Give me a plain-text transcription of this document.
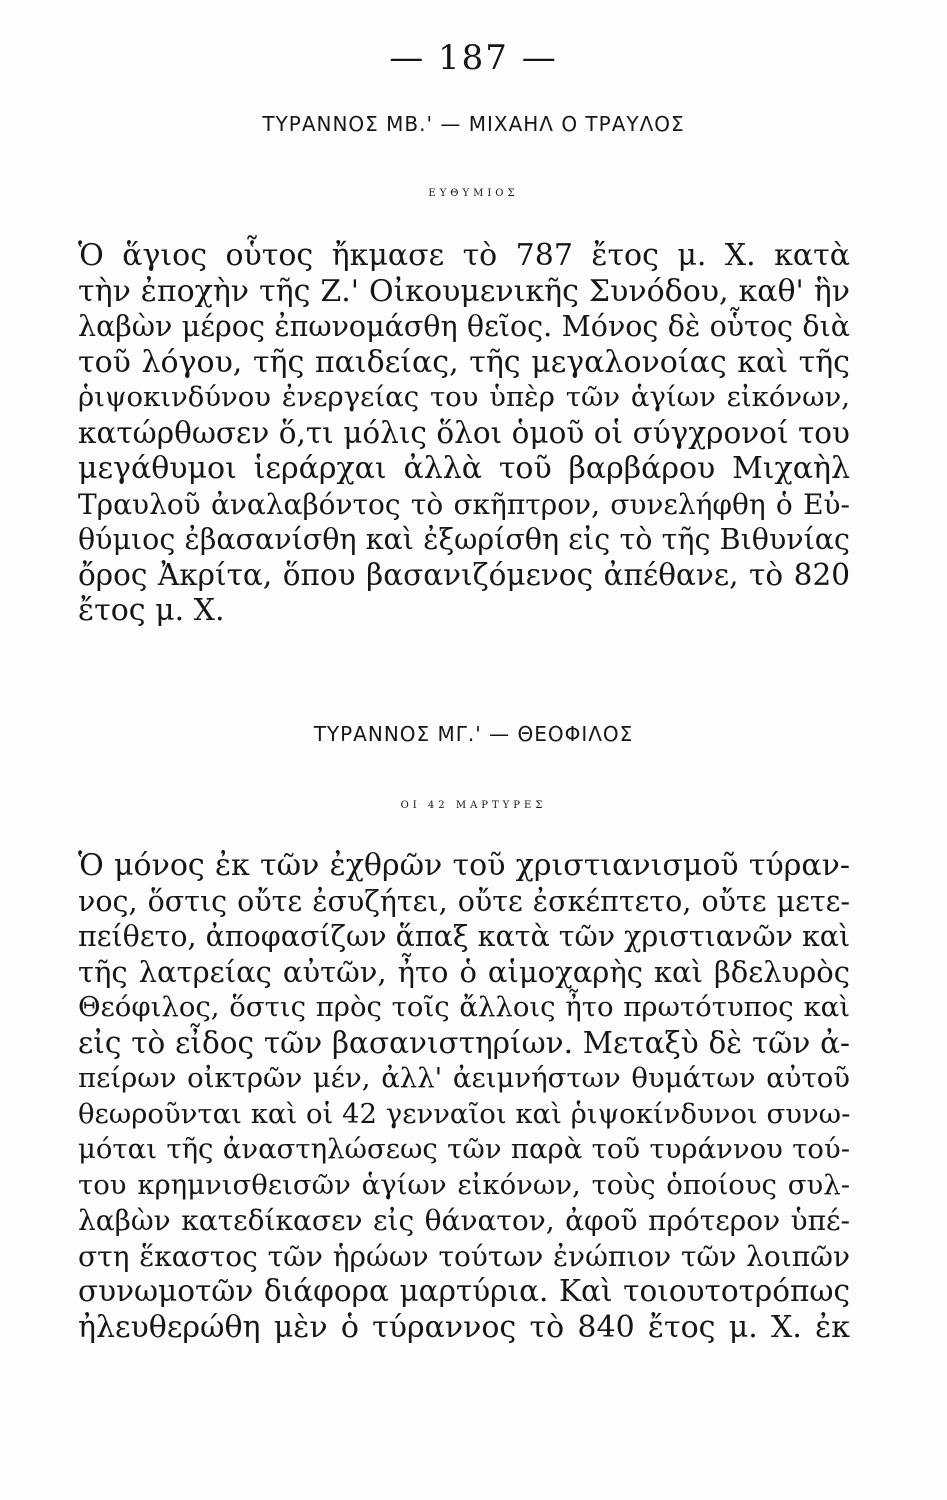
— 187 —
ΤΥΡΑΝΝΟΣ ΜΒ.' — ΜΙΧΑΗΛ Ο ΤΡΑΥΛΟΣ
ΕΥΘΥΜΙΟΣ
Ὁ ἅγιος οὗτος ἤκμασε τὸ 787 ἔτος μ. Χ. κατὰ
τὴν ἐποχὴν τῆς Ζ.' Οἰκουμενικῆς Συνόδου, καθ' ἣν
λαβὼν μέρος ἐπωνομάσθη θεῖος. Μόνος δὲ οὗτος διὰ
τοῦ λόγου, τῆς παιδείας, τῆς μεγαλονοίας καὶ τῆς
ῥιψοκινδύνου ἐνεργείας του ὑπὲρ τῶν ἁγίων εἰκόνων,
κατώρθωσεν ὅ,τι μόλις ὅλοι ὁμοῦ οἱ σύγχρονοί του
μεγάθυμοι ἱεράρχαι ἀλλὰ τοῦ βαρβάρου Μιχαὴλ
Τραυλοῦ ἀναλαβόντος τὸ σκῆπτρον, συνελήφθη ὁ Εὐ-
θύμιος ἐβασανίσθη καὶ ἐξωρίσθη εἰς τὸ τῆς Βιθυνίας
ὄρος Ἀκρίτα, ὅπου βασανιζόμενος ἀπέθανε, τὸ 820
ἔτος μ. Χ.
ΤΥΡΑΝΝΟΣ ΜΓ.' — ΘΕΟΦΙΛΟΣ
ΟΙ 42 ΜΑΡΤΥΡΕΣ
Ὁ μόνος ἐκ τῶν ἐχθρῶν τοῦ χριστιανισμοῦ τύραν-
νος, ὅστις οὔτε ἐσυζήτει, οὔτε ἐσκέπτετο, οὔτε μετε-
πείθετο, ἀποφασίζων ἅπαξ κατὰ τῶν χριστιανῶν καὶ
τῆς λατρείας αὐτῶν, ἦτο ὁ αἱμοχαρὴς καὶ βδελυρὸς
Θεόφιλος, ὅστις πρὸς τοῖς ἄλλοις ἦτο πρωτότυπος καὶ
εἰς τὸ εἶδος τῶν βασανιστηρίων. Μεταξὺ δὲ τῶν ἀ-
πείρων οἰκτρῶν μέν, ἀλλ' ἀειμνήστων θυμάτων αὐτοῦ
θεωροῦνται καὶ οἱ 42 γενναῖοι καὶ ῥιψοκίνδυνοι συνω-
μόται τῆς ἀναστηλώσεως τῶν παρὰ τοῦ τυράννου τού-
του κρημνισθεισῶν ἁγίων εἰκόνων, τοὺς ὁποίους συλ-
λαβὼν κατεδίκασεν εἰς θάνατον, ἀφοῦ πρότερον ὑπέ-
στη ἕκαστος τῶν ἡρώων τούτων ἐνώπιον τῶν λοιπῶν
συνωμοτῶν διάφορα μαρτύρια. Καὶ τοιουτοτρόπως
ἠλευθερώθη μὲν ὁ τύραννος τὸ 840 ἔτος μ. Χ. ἐκ
